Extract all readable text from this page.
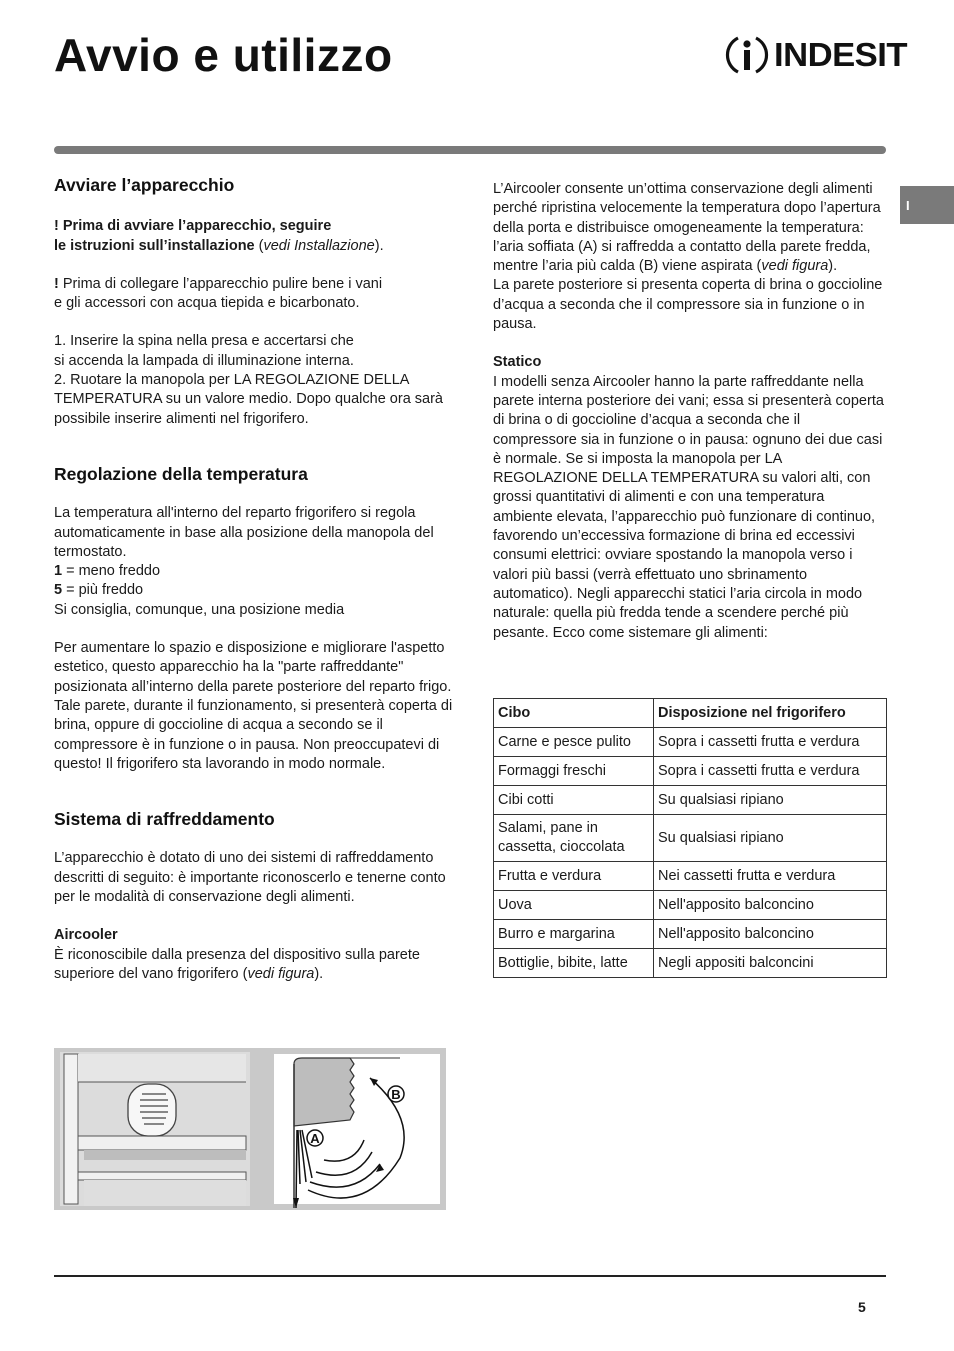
Avvio e utilizzo	INDESIT
I
Avviare l’apparecchio

! Prima di avviare l’apparecchio, seguire
le istruzioni sull’installazione (vedi Installazione).

! Prima di collegare l’apparecchio pulire bene i vani
e gli accessori con acqua tiepida e bicarbonato.

1. Inserire la spina nella presa e accertarsi che
si accenda la lampada di illuminazione interna.

2. Ruotare la manopola per LA REGOLAZIONE DELLA TEMPERATURA su un valore medio. Dopo qualche ora sarà possibile inserire alimenti nel frigorifero.

Regolazione della temperatura

La temperatura all'interno del reparto frigorifero si regola automaticamente in base alla posizione della manopola del termostato.

1 = meno freddo

5 = più freddo

Si consiglia, comunque, una posizione media

Per aumentare lo spazio e disposizione e migliorare l'aspetto estetico, questo apparecchio ha la "parte raffreddante" posizionata all’interno della parete posteriore del reparto frigo. Tale parete, durante il funzionamento, si presenterà coperta di brina, oppure di goccioline di acqua a secondo se il compressore è in funzione o in pausa. Non preoccupatevi di questo! Il frigorifero sta lavorando in modo normale.

Sistema di raffreddamento

L’apparecchio è dotato di uno dei sistemi di raffreddamento descritti di seguito: è importante riconoscerlo e tenerne conto per le modalità di conservazione degli alimenti.

Aircooler

È riconoscibile dalla presenza del dispositivo sulla parete superiore del vano frigorifero (vedi figura).

A
B

L’Aircooler consente un’ottima conservazione degli alimenti perché ripristina velocemente la temperatura dopo l’apertura della porta e distribuisce omogeneamente la temperatura: l’aria soffiata (A) si raffredda a contatto della parete fredda, mentre l’aria più calda (B) viene aspirata (vedi figura).

La parete posteriore si presenta coperta di brina o goccioline d’acqua a seconda che il compressore sia in funzione o in pausa.

Statico

I modelli senza Aircooler hanno la parte raffreddante nella parete interna posteriore dei vani; essa si presenterà coperta di brina o di goccioline d’acqua a seconda che il compressore sia in funzione o in pausa: ognuno dei due casi è normale. Se si imposta la manopola per LA REGOLAZIONE DELLA TEMPERATURA su valori alti, con grossi quantitativi di alimenti e con una temperatura ambiente elevata, l’apparecchio può funzionare di continuo, favorendo un’eccessiva formazione di brina ed eccessivi consumi elettrici: ovviare spostando la manopola verso i valori più bassi (verrà effettuato uno sbrinamento automatico). Negli apparecchi statici l’aria circola in modo naturale: quella più fredda tende a scendere perché più pesante. Ecco come sistemare gli alimenti:

Cibo	Disposizione nel frigorifero
Carne e pesce pulito	Sopra i cassetti frutta e verdura
Formaggi freschi	Sopra i cassetti frutta e verdura
Cibi cotti	Su qualsiasi ripiano
Salami, pane in cassetta, cioccolata	Su qualsiasi ripiano
Frutta e verdura	Nei cassetti frutta e verdura
Uova	Nell'apposito balconcino
Burro e margarina	Nell'apposito balconcino
Bottiglie, bibite, latte	Negli appositi balconcini
5
